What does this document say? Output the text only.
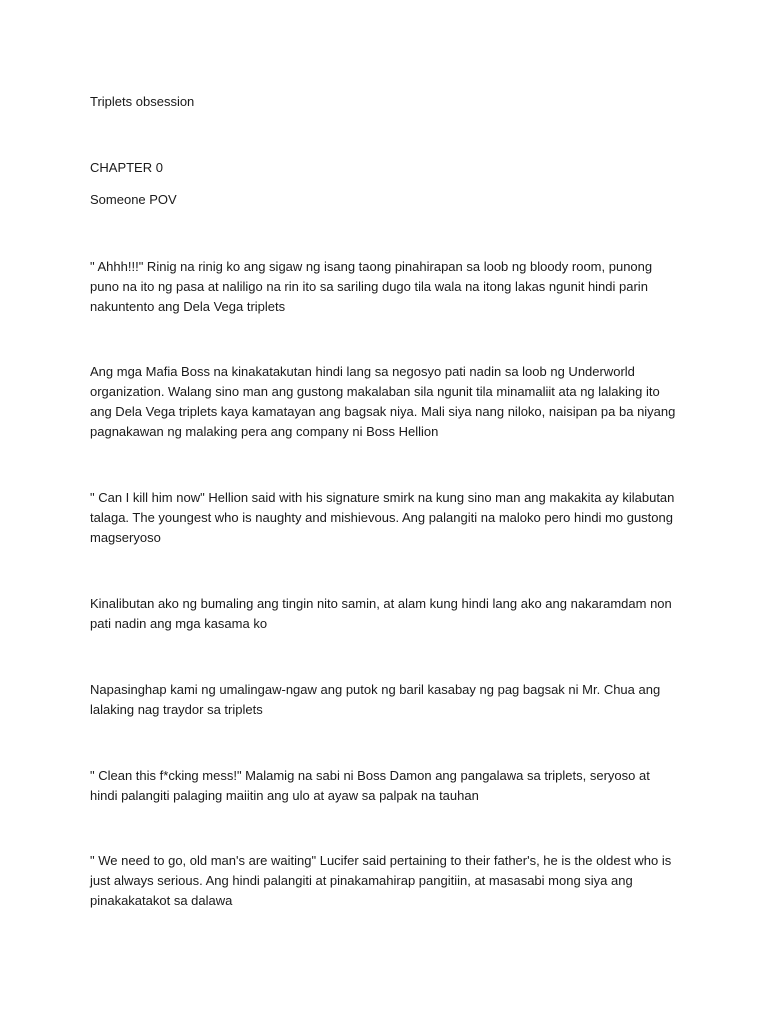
Triplets obsession

CHAPTER 0

Someone POV

" Ahhh!!!" Rinig na rinig ko ang sigaw ng isang taong pinahirapan sa loob ng bloody room, punong puno na ito ng pasa at naliligo na rin ito sa sariling dugo tila wala na itong lakas ngunit hindi parin nakuntento ang Dela Vega triplets

Ang mga Mafia Boss na kinakatakutan hindi lang sa negosyo pati nadin sa loob ng Underworld organization. Walang sino man ang gustong makalaban sila ngunit tila minamaliit ata ng lalaking ito ang Dela Vega triplets kaya kamatayan ang bagsak niya. Mali siya nang niloko, naisipan pa ba niyang pagnakawan ng malaking pera ang company ni Boss Hellion

" Can I kill him now" Hellion said with his signature smirk na kung sino man ang makakita ay kilabutan talaga. The youngest who is naughty and mishievous. Ang palangiti na maloko pero hindi mo gustong magseryoso

Kinalibutan ako ng bumaling ang tingin nito samin, at alam kung hindi lang ako ang nakaramdam non pati nadin ang mga kasama ko

Napasinghap kami ng umalingaw-ngaw ang putok ng baril kasabay ng pag bagsak ni Mr. Chua ang lalaking nag traydor sa triplets

" Clean this f*cking mess!" Malamig na sabi ni Boss Damon ang pangalawa sa triplets, seryoso at hindi palangiti palaging maiitin ang ulo at ayaw sa palpak na tauhan

" We need to go, old man's are waiting" Lucifer said pertaining to their father's, he is the oldest who is just always serious. Ang hindi palangiti at pinakamahirap pangitiin, at masasabi mong siya ang pinakakatakot sa dalawa
